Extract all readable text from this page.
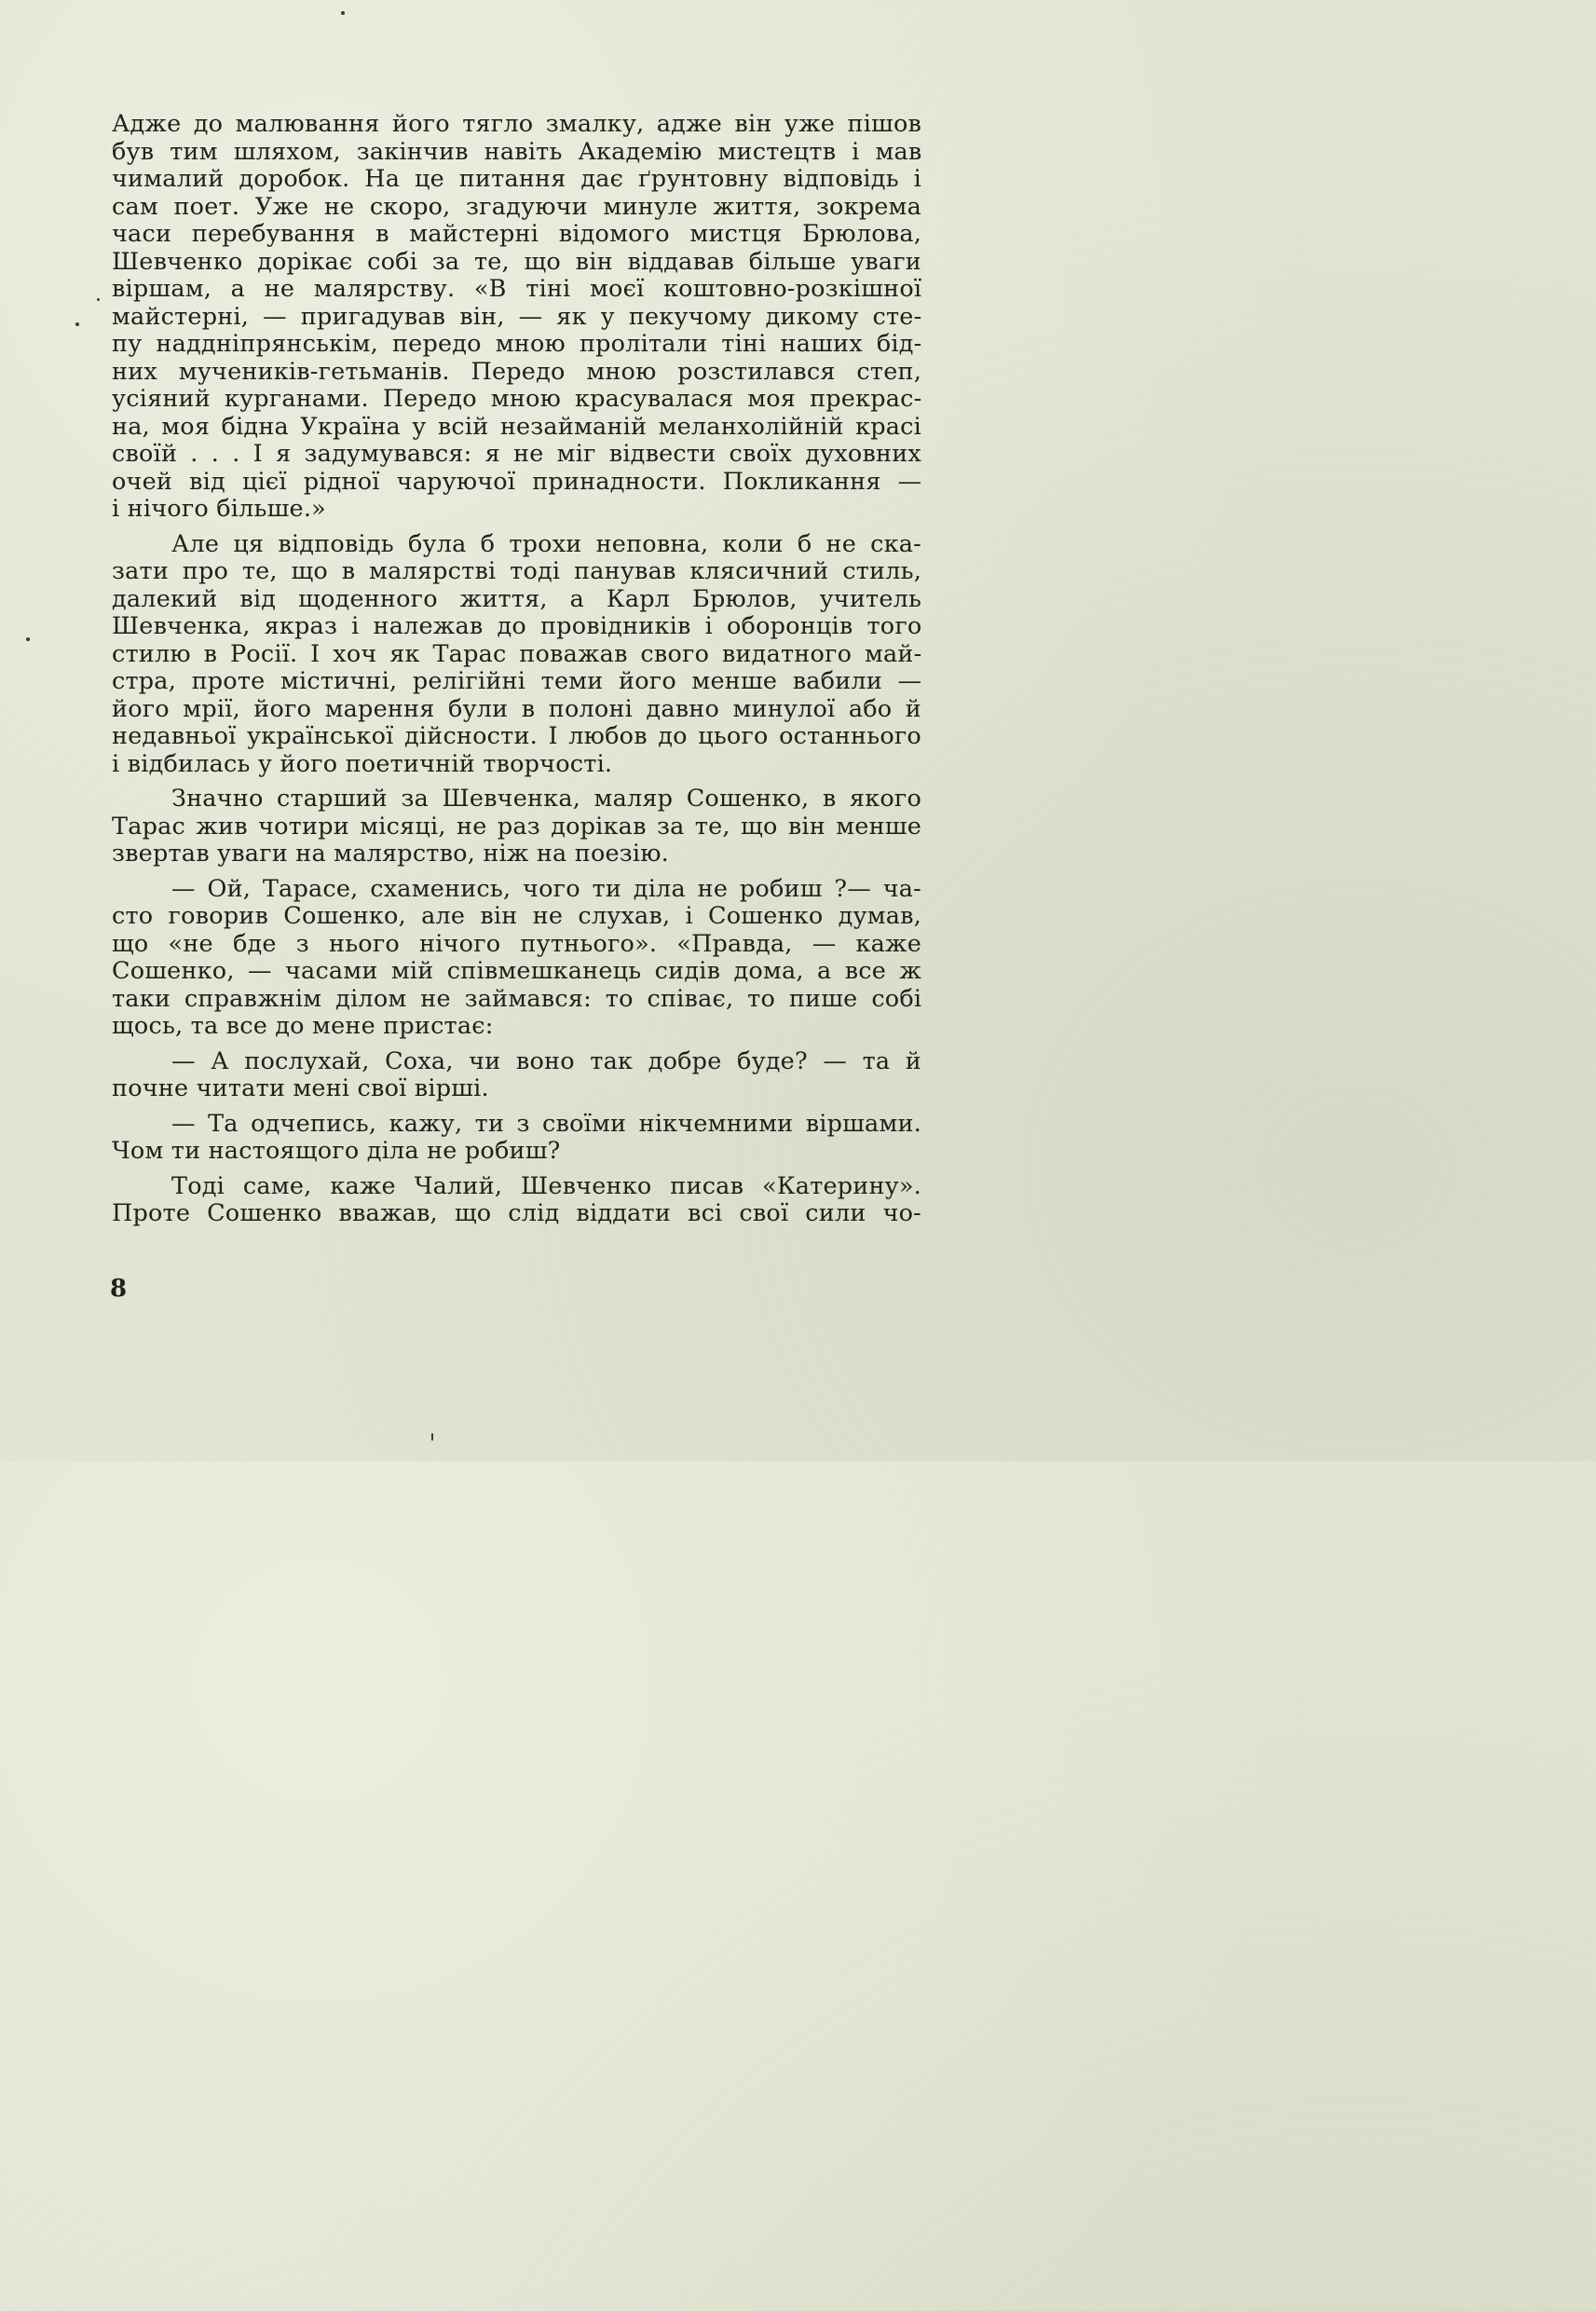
Адже до малювання його тягло змалку, адже він уже пішов
був тим шляхом, закінчив навіть Академію мистецтв і мав
чималий доробок. На це питання дає ґрунтовну відповідь і
сам поет. Уже не скоро, згадуючи минуле життя, зокрема
часи перебування в майстерні відомого мистця Брюлова,
Шевченко дорікає собі за те, що він віддавав більше уваги
віршам, а не малярству. «В тіні моєї коштовно-розкішної
майстерні, — пригадував він, — як у пекучому дикому сте-
пу наддніпрянськім, передо мною пролітали тіні наших бід-
них мучеників-гетьманів. Передо мною розстилався степ,
усіяний курганами. Передо мною красувалася моя прекрас-
на, моя бідна Україна у всій незайманій меланхолійній красі
своїй . . . І я задумувався: я не міг відвести своїх духовних
очей від цієї рідної чаруючої принадности. Покликання —
і нічого більше.»

Але ця відповідь була б трохи неповна, коли б не ска-
зати про те, що в малярстві тоді панував клясичний стиль,
далекий від щоденного життя, а Карл Брюлов, учитель
Шевченка, якраз і належав до провідників і оборонців того
стилю в Росії. І хоч як Тарас поважав свого видатного май-
стра, проте містичні, релігійні теми його менше вабили —
його мрії, його марення були в полоні давно минулої або й
недавньої української дійсности. І любов до цього останнього
і відбилась у його поетичній творчості.

Значно старший за Шевченка, маляр Сошенко, в якого
Тарас жив чотири місяці, не раз дорікав за те, що він менше
звертав уваги на малярство, ніж на поезію.

— Ой, Тарасе, схаменись, чого ти діла не робиш ?— ча-
сто говорив Сошенко, але він не слухав, і Сошенко думав,
що «не бде з нього нічого путнього». «Правда, — каже
Сошенко, — часами мій співмешканець сидів дома, а все ж
таки справжнім ділом не займався: то співає, то пише собі
щось, та все до мене пристає:

— А послухай, Соха, чи воно так добре буде? — та й
почне читати мені свої вірші.

— Та одчепись, кажу, ти з своїми нікчемними віршами.
Чом ти настоящого діла не робиш?

Тоді саме, каже Чалий, Шевченко писав «Катерину».
Проте Сошенко вважав, що слід віддати всі свої сили чо-

8
